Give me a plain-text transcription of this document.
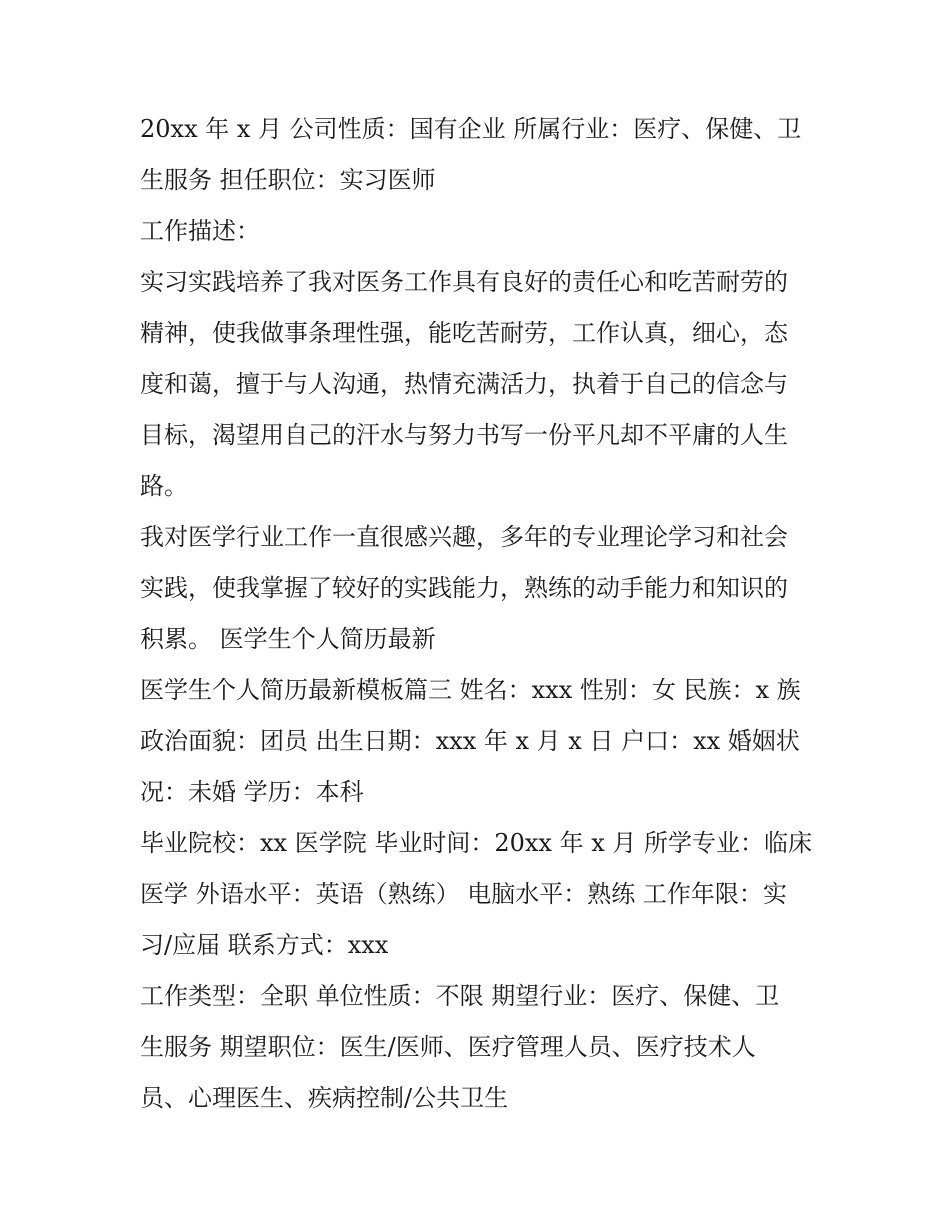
20xx 年 x 月 公司性质：国有企业 所属行业：医疗、保健、卫
生服务 担任职位：实习医师
工作描述：
实习实践培养了我对医务工作具有良好的责任心和吃苦耐劳的
精神，使我做事条理性强，能吃苦耐劳，工作认真，细心，态
度和蔼，擅于与人沟通，热情充满活力，执着于自己的信念与
目标，渴望用自己的汗水与努力书写一份平凡却不平庸的人生
路。
我对医学行业工作一直很感兴趣，多年的专业理论学习和社会
实践，使我掌握了较好的实践能力，熟练的动手能力和知识的
积累。 医学生个人简历最新
医学生个人简历最新模板篇三 姓名：xxx 性别：女 民族：x 族
政治面貌：团员 出生日期：xxx 年 x 月 x 日 户口：xx 婚姻状
况：未婚 学历：本科
毕业院校：xx 医学院 毕业时间：20xx 年 x 月 所学专业：临床
医学 外语水平：英语（熟练） 电脑水平：熟练 工作年限：实
习/应届 联系方式：xxx
工作类型：全职 单位性质：不限 期望行业：医疗、保健、卫
生服务 期望职位：医生/医师、医疗管理人员、医疗技术人
员、心理医生、疾病控制/公共卫生
